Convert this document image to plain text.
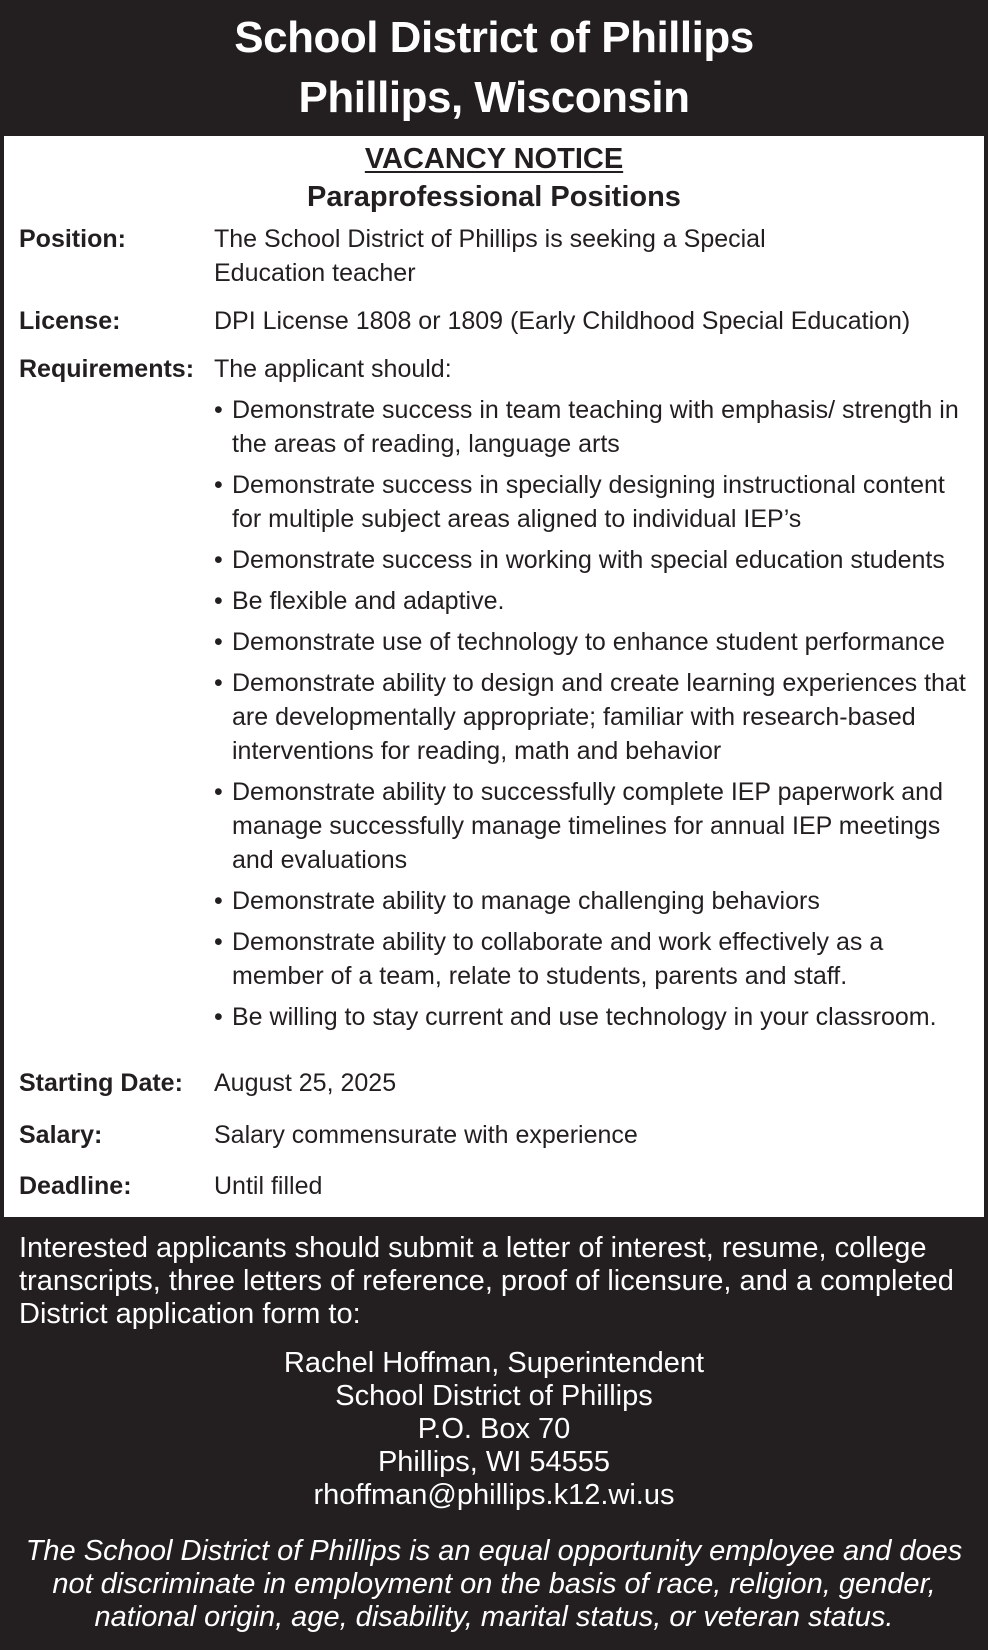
School District of Phillips
Phillips, Wisconsin
VACANCY NOTICE
Paraprofessional Positions
Position:	The School District of Phillips is seeking a Special Education teacher
License:	DPI License 1808 or 1809 (Early Childhood Special Education)
Requirements: The applicant should:
• Demonstrate success in team teaching with emphasis/ strength in the areas of reading, language arts
• Demonstrate success in specially designing instructional content for multiple subject areas aligned to individual IEP’s
• Demonstrate success in working with special education students
• Be flexible and adaptive.
• Demonstrate use of technology to enhance student performance
• Demonstrate ability to design and create learning experiences that are developmentally appropriate; familiar with research-based interventions for reading, math and behavior
• Demonstrate ability to successfully complete IEP paperwork and manage successfully manage timelines for annual IEP meetings and evaluations
• Demonstrate ability to manage challenging behaviors
• Demonstrate ability to collaborate and work effectively as a member of a team, relate to students, parents and staff.
• Be willing to stay current and use technology in your classroom.
Starting Date: August 25, 2025
Salary:	Salary commensurate with experience
Deadline:	Until filled
Interested applicants should submit a letter of interest, resume, college transcripts, three letters of reference, proof of licensure, and a completed District application form to:
Rachel Hoffman, Superintendent
School District of Phillips
P.O. Box 70
Phillips, WI 54555
rhoffman@phillips.k12.wi.us
The School District of Phillips is an equal opportunity employee and does not discriminate in employment on the basis of race, religion, gender, national origin, age, disability, marital status, or veteran status.
